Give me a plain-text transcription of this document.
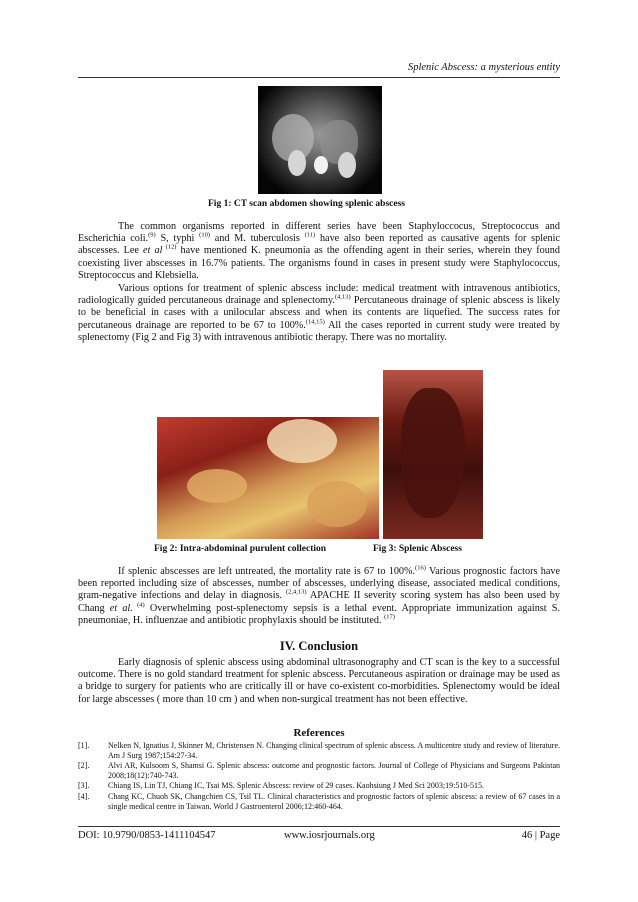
Splenic Abscess: a mysterious entity
Fig 1: CT scan abdomen showing splenic abscess

The common organisms reported in different series have been Staphyloccocus, Streptococcus and Escherichia coli.$^{(9)}$ S, typhi $^{(10)}$ and M. tuberculosis $^{(11)}$ have also been reported as causative agents for splenic abscesses. Lee et al $^{(12)}$ have mentioned K. pneumonia as the offending agent in their series, wherein they found coexisting liver abscesses in 16.7% patients. The organisms found in cases in present study were Staphylococcus, Streptococcus and Klebsiella.

Various options for treatment of splenic abscess include: medical treatment with intravenous antibiotics, radiologically guided percutaneous drainage and splenectomy.$^{(4,13)}$ Percutaneous drainage of splenic abscess is likely to be beneficial in cases with a unilocular abscess and when its contents are liquefied. The success rates for percutaneous drainage are reported to be 67 to 100%.$^{(14,15)}$ All the cases reported in current study were treated by splenectomy (Fig 2 and Fig 3) with intravenous antibiotic therapy. There was no mortality.

Fig 2: Intra-abdominal purulent collection	Fig 3: Splenic Abscess

If splenic abscesses are left untreated, the mortality rate is 67 to 100%.$^{(16)}$ Various prognostic factors have been reported including size of abscesses, number of abscesses, underlying disease, associated medical conditions, gram-negative infections and delay in diagnosis. $^{(2,4,13)}$ APACHE II severity scoring system has also been used by Chang et al. $^{(4)}$ Overwhelming post-splenectomy sepsis is a lethal event. Appropriate immunization against S. pneumoniae, H. influenzae and antibiotic prophylaxis should be instituted. $^{(17)}$

IV. Conclusion

Early diagnosis of splenic abscess using abdominal ultrasonography and CT scan is the key to a successful outcome. There is no gold standard treatment for splenic abscess. Percutaneous aspiration or drainage may be used as a bridge to surgery for patients who are critically ill or have co-existent co-morbidities. Splenectomy would be ideal for large abscesses ( more than 10 cm ) and when non-surgical treatment has not been effective.

References
[1]. Nelken N, Ignatius J, Skinner M, Christensen N. Changing clinical spectrum of splenic abscess. A multicentre study and review of literature. Am J Surg 1987;154:27-34.
[2]. Alvi AR, Kulsoom S, Shamsi G. Splenic abscess: outcome and prognostic factors. Journal of College of Physicians and Surgeons Pakistan 2008;18(12):740-743.
[3]. Chiang IS, Lin TJ, Chiang IC, Tsai MS. Splenic Abscess: review of 29 cases. Kaohsiung J Med Sci 2003;19:510-515.
[4]. Chang KC, Chuoh SK, Changchien CS, Tsil TL. Clinical characteristics and prognostic factors of splenic abscess: a review of 67 cases in a single medical centre in Taiwan. World J Gastroenterol 2006;12:460-464.
DOI: 10.9790/0853-1411104547	www.iosrjournals.org	46 | Page
